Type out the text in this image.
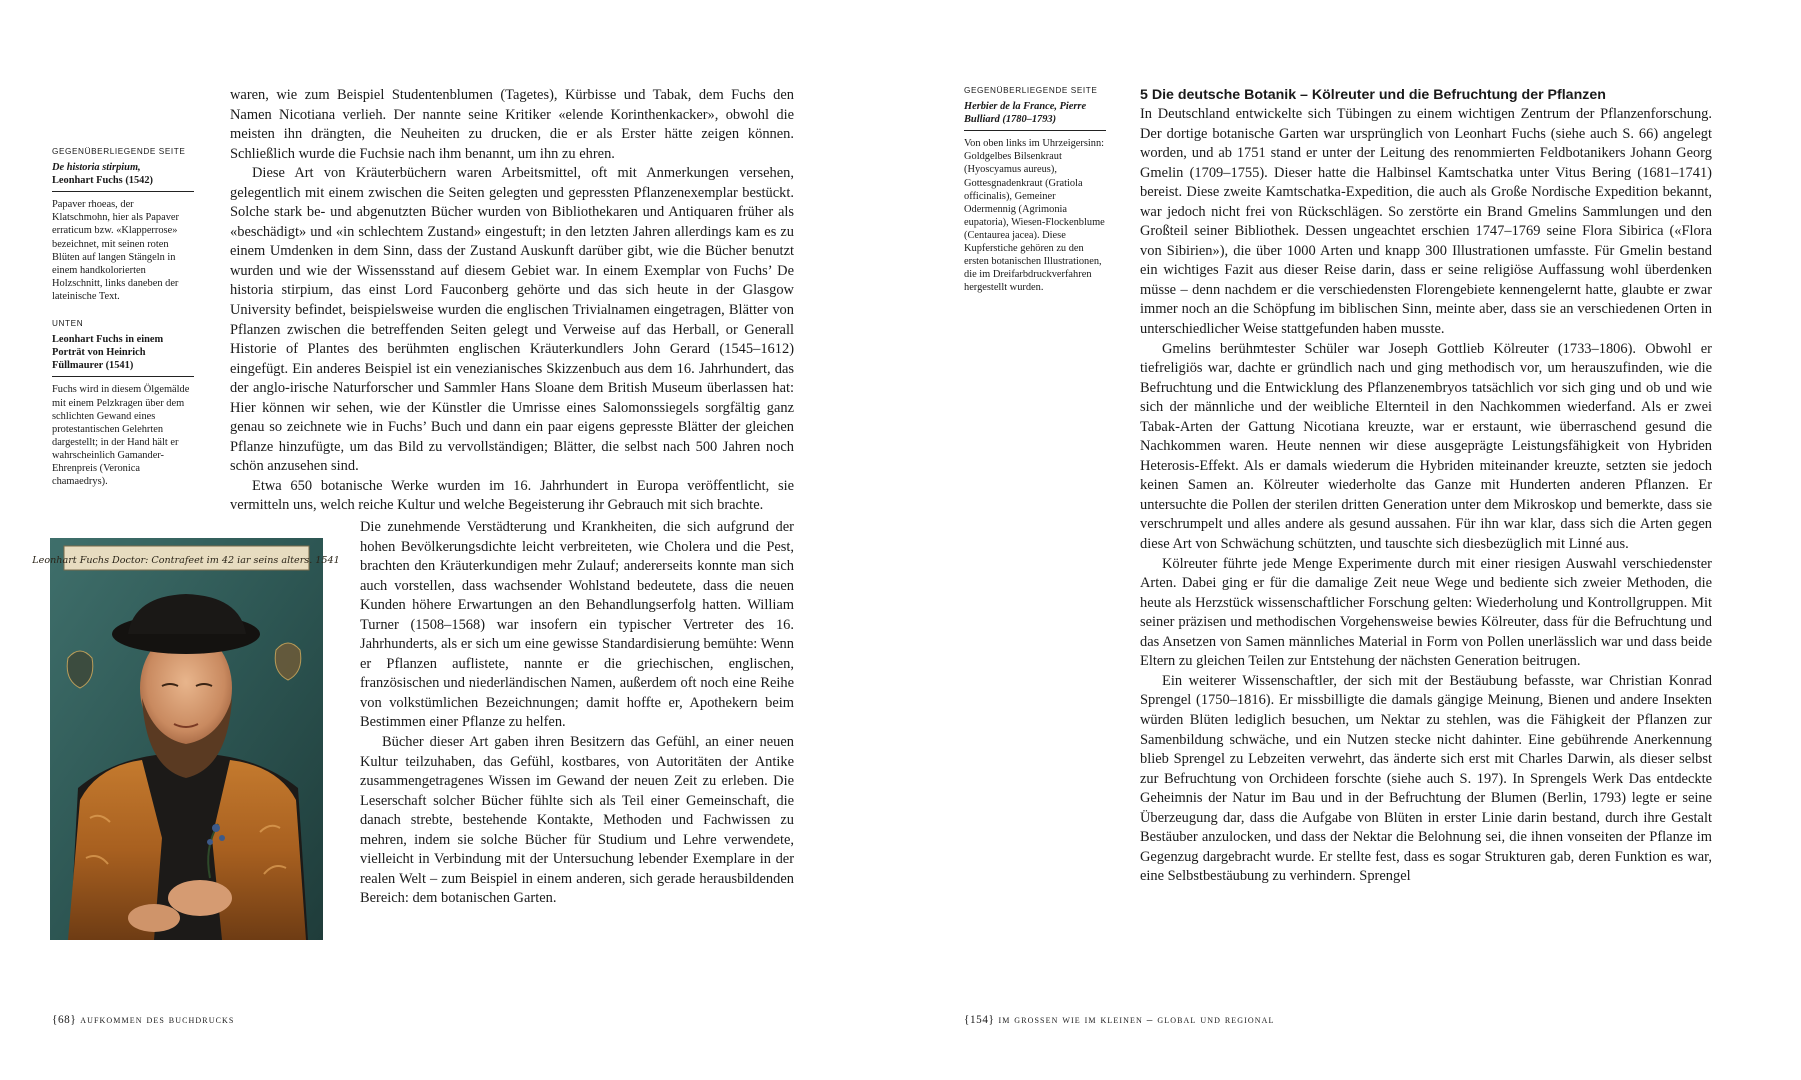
GEGENÜBERLIEGENDE SEITE
De historia stirpium,
Leonhart Fuchs (1542)
Papaver rhoeas, der Klatschmohn, hier als Papaver erraticum bzw. «Klapperrose» bezeichnet, mit seinen roten Blüten auf langen Stängeln in einem handkolorierten Holzschnitt, links daneben der lateinische Text.
UNTEN
Leonhart Fuchs in einem Porträt von Heinrich Füllmaurer (1541)
Fuchs wird in diesem Ölgemälde mit einem Pelzkragen über dem schlichten Gewand eines protestantischen Gelehrten dargestellt; in der Hand hält er wahrscheinlich Gamander-Ehrenpreis (Veronica chamaedrys).
Leonhart Fuchs Doctor: Contrafeet im 42 iar seins alters. 1541

waren, wie zum Beispiel Studentenblumen (Tagetes), Kürbisse und Tabak, dem Fuchs den Namen Nicotiana verlieh. Der nannte seine Kritiker «elende Korinthenkacker», obwohl die meisten ihn drängten, die Neuheiten zu drucken, die er als Erster hätte zeigen können. Schließlich wurde die Fuchsie nach ihm benannt, um ihn zu ehren.

Diese Art von Kräuterbüchern waren Arbeitsmittel, oft mit Anmerkungen versehen, gelegentlich mit einem zwischen die Seiten gelegten und gepressten Pflanzenexemplar bestückt. Solche stark be- und abgenutzten Bücher wurden von Bibliothekaren und Antiquaren früher als «beschädigt» und «in schlechtem Zustand» eingestuft; in den letzten Jahren allerdings kam es zu einem Umdenken in dem Sinn, dass der Zustand Auskunft darüber gibt, wie die Bücher benutzt wurden und wie der Wissensstand auf diesem Gebiet war. In einem Exemplar von Fuchs’ De historia stirpium, das einst Lord Fauconberg gehörte und das sich heute in der Glasgow University befindet, beispielsweise wurden die englischen Trivialnamen eingetragen, Blätter von Pflanzen zwischen die betreffenden Seiten gelegt und Verweise auf das Herball, or Generall Historie of Plantes des berühmten englischen Kräuterkundlers John Gerard (1545–1612) eingefügt. Ein anderes Beispiel ist ein venezianisches Skizzenbuch aus dem 16. Jahrhundert, das der anglo-irische Naturforscher und Sammler Hans Sloane dem British Museum überlassen hat: Hier können wir sehen, wie der Künstler die Umrisse eines Salomonssiegels sorgfältig ganz genau so zeichnete wie in Fuchs’ Buch und dann ein paar eigens gepresste Blätter der gleichen Pflanze hinzufügte, um das Bild zu vervollständigen; Blätter, die selbst nach 500 Jahren noch schön anzusehen sind.

Etwa 650 botanische Werke wurden im 16. Jahrhundert in Europa veröffentlicht, sie vermitteln uns, welch reiche Kultur und welche Begeisterung ihr Gebrauch mit sich brachte.

Die zunehmende Verstädterung und Krankheiten, die sich aufgrund der hohen Bevölkerungsdichte leicht verbreiteten, wie Cholera und die Pest, brachten den Kräuterkundigen mehr Zulauf; andererseits konnte man sich auch vorstellen, dass wachsender Wohlstand bedeutete, dass die neuen Kunden höhere Erwartungen an den Behandlungserfolg hatten. William Turner (1508–1568) war insofern ein typischer Vertreter des 16. Jahrhunderts, als er sich um eine gewisse Standardisierung bemühte: Wenn er Pflanzen auflistete, nannte er die griechischen, englischen, französischen und niederländischen Namen, außerdem oft noch eine Reihe von volkstümlichen Bezeichnungen; damit hoffte er, Apothekern beim Bestimmen einer Pflanze zu helfen.

Bücher dieser Art gaben ihren Besitzern das Gefühl, an einer neuen Kultur teilzuhaben, das Gefühl, kostbares, von Autoritäten der Antike zusammengetragenes Wissen im Gewand der neuen Zeit zu erleben. Die Leserschaft solcher Bücher fühlte sich als Teil einer Gemeinschaft, die danach strebte, bestehende Kontakte, Methoden und Fachwissen zu mehren, indem sie solche Bücher für Studium und Lehre verwendete, vielleicht in Verbindung mit der Untersuchung lebender Exemplare in der realen Welt – zum Beispiel in einem anderen, sich gerade herausbildenden Bereich: dem botanischen Garten.

{68} aufkommen des buchdrucks
GEGENÜBERLIEGENDE SEITE
Herbier de la France, Pierre Bulliard (1780–1793)
Von oben links im Uhrzeigersinn: Goldgelbes Bilsenkraut (Hyoscyamus aureus), Gottesgnadenkraut (Gratiola officinalis), Gemeiner Odermennig (Agrimonia eupatoria), Wiesen-Flockenblume (Centaurea jacea). Diese Kupferstiche gehören zu den ersten botanischen Illustrationen, die im Dreifarbdruckverfahren hergestellt wurden.
5 Die deutsche Botanik – Kölreuter und die Befruchtung der Pflanzen

In Deutschland entwickelte sich Tübingen zu einem wichtigen Zentrum der Pflanzenforschung. Der dortige botanische Garten war ursprünglich von Leonhart Fuchs (siehe auch S. 66) angelegt worden, und ab 1751 stand er unter der Leitung des renommierten Feldbotanikers Johann Georg Gmelin (1709–1755). Dieser hatte die Halbinsel Kamtschatka unter Vitus Bering (1681–1741) bereist. Diese zweite Kamtschatka-Expedition, die auch als Große Nordische Expedition bekannt, war jedoch nicht frei von Rückschlägen. So zerstörte ein Brand Gmelins Sammlungen und den Großteil seiner Bibliothek. Dessen ungeachtet erschien 1747–1769 seine Flora Sibirica («Flora von Sibirien»), die über 1000 Arten und knapp 300 Illustrationen umfasste. Für Gmelin bestand ein wichtiges Fazit aus dieser Reise darin, dass er seine religiöse Auffassung wohl überdenken müsse – denn nachdem er die verschiedensten Florengebiete kennengelernt hatte, glaubte er zwar immer noch an die Schöpfung im biblischen Sinn, meinte aber, dass sie an verschiedenen Orten in unterschiedlicher Weise stattgefunden haben musste.

Gmelins berühmtester Schüler war Joseph Gottlieb Kölreuter (1733–1806). Obwohl er tiefreligiös war, dachte er gründlich nach und ging methodisch vor, um herauszufinden, wie die Befruchtung und die Entwicklung des Pflanzenembryos tatsächlich vor sich ging und ob und wie sich der männliche und der weibliche Elternteil in den Nachkommen wiederfand. Als er zwei Tabak-Arten der Gattung Nicotiana kreuzte, war er erstaunt, wie überraschend gesund die Nachkommen waren. Heute nennen wir diese ausgeprägte Leistungsfähigkeit von Hybriden Heterosis-Effekt. Als er damals wiederum die Hybriden miteinander kreuzte, setzten sie jedoch keinen Samen an. Kölreuter wiederholte das Ganze mit Hunderten anderen Pflanzen. Er untersuchte die Pollen der sterilen dritten Generation unter dem Mikroskop und bemerkte, dass sie verschrumpelt und alles andere als gesund aussahen. Für ihn war klar, dass sich die Arten gegen diese Art von Schwächung schützten, und tauschte sich diesbezüglich mit Linné aus.

Kölreuter führte jede Menge Experimente durch mit einer riesigen Auswahl verschiedenster Arten. Dabei ging er für die damalige Zeit neue Wege und bediente sich zweier Methoden, die heute als Herzstück wissenschaftlicher Forschung gelten: Wiederholung und Kontrollgruppen. Mit seiner präzisen und methodischen Vorgehensweise bewies Kölreuter, dass für die Befruchtung und das Ansetzen von Samen männliches Material in Form von Pollen unerlässlich war und dass beide Eltern zu gleichen Teilen zur Entstehung der nächsten Generation beitrugen.

Ein weiterer Wissenschaftler, der sich mit der Bestäubung befasste, war Christian Konrad Sprengel (1750–1816). Er missbilligte die damals gängige Meinung, Bienen und andere Insekten würden Blüten lediglich besuchen, um Nektar zu stehlen, was die Fähigkeit der Pflanzen zur Samenbildung schwäche, und ein Nutzen stecke nicht dahinter. Eine gebührende Anerkennung blieb Sprengel zu Lebzeiten verwehrt, das änderte sich erst mit Charles Darwin, als dieser selbst zur Befruchtung von Orchideen forschte (siehe auch S. 197). In Sprengels Werk Das entdeckte Geheimnis der Natur im Bau und in der Befruchtung der Blumen (Berlin, 1793) legte er seine Überzeugung dar, dass die Aufgabe von Blüten in erster Linie darin bestand, durch ihre Gestalt Bestäuber anzulocken, und dass der Nektar die Belohnung sei, die ihnen vonseiten der Pflanze im Gegenzug dargebracht wurde. Er stellte fest, dass es sogar Strukturen gab, deren Funktion es war, eine Selbstbestäubung zu verhindern. Sprengel

{154} im grossen wie im kleinen – global und regional
